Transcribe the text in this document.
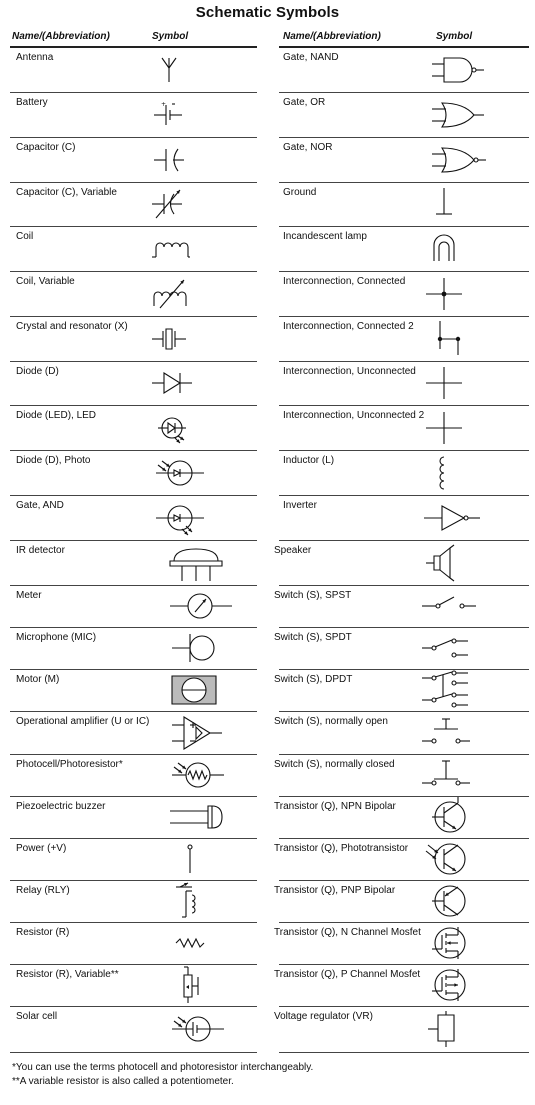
Schematic Symbols
Name/(Abbreviation)	Symbol	Name/(Abbreviation)	Symbol
Antenna	Gate, NAND
Battery	Gate, OR
+
Capacitor (C)	Gate, NOR
Capacitor (C), Variable	Ground
Coil	Incandescent lamp
Coil, Variable	Interconnection, Connected
Crystal and resonator (X)	Interconnection, Connected 2
Diode (D)	Interconnection, Unconnected
Diode (LED), LED	Interconnection, Unconnected 2
Diode (D), Photo	Inductor (L)
Gate, AND	Inverter
IR detector	Speaker
Meter	Switch (S), SPST
Microphone (MIC)	Switch (S), SPDT
Motor (M)	Switch (S), DPDT
Operational amplifier (U or IC)	Switch (S), normally open
Photocell/Photoresistor*	Switch (S), normally closed
Piezoelectric buzzer	Transistor (Q), NPN Bipolar
Power (+V)	Transistor (Q), Phototransistor
Relay (RLY)	Transistor (Q), PNP Bipolar
Resistor (R)	Transistor (Q), N Channel Mosfet
Resistor (R), Variable**	Transistor (Q), P Channel Mosfet
Solar cell	Voltage regulator (VR)
*You can use the terms photocell and photoresistor interchangeably.
**A variable resistor is also called a potentiometer.
